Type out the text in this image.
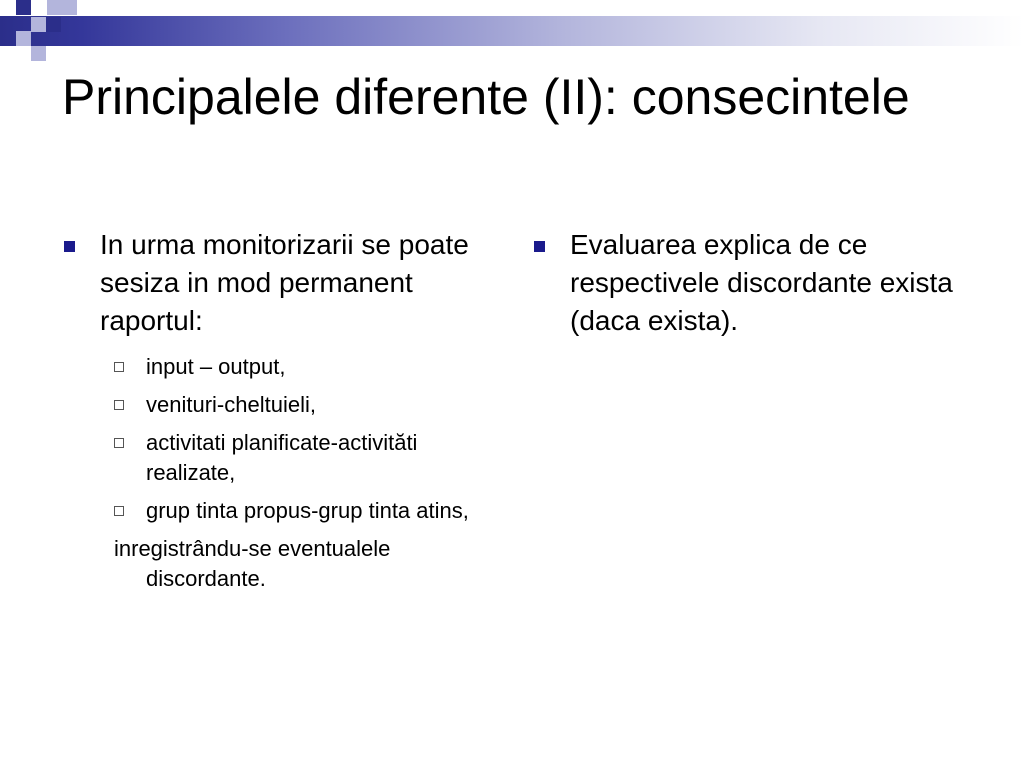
Principalele diferente (II): consecintele
In urma monitorizarii se poate sesiza in mod permanent raportul:
input – output,
venituri-cheltuieli,
activitati planificate-activităti realizate,
grup tinta propus-grup tinta atins,
inregistrându-se eventualele discordante.
Evaluarea explica de ce respectivele discordante exista (daca exista).
